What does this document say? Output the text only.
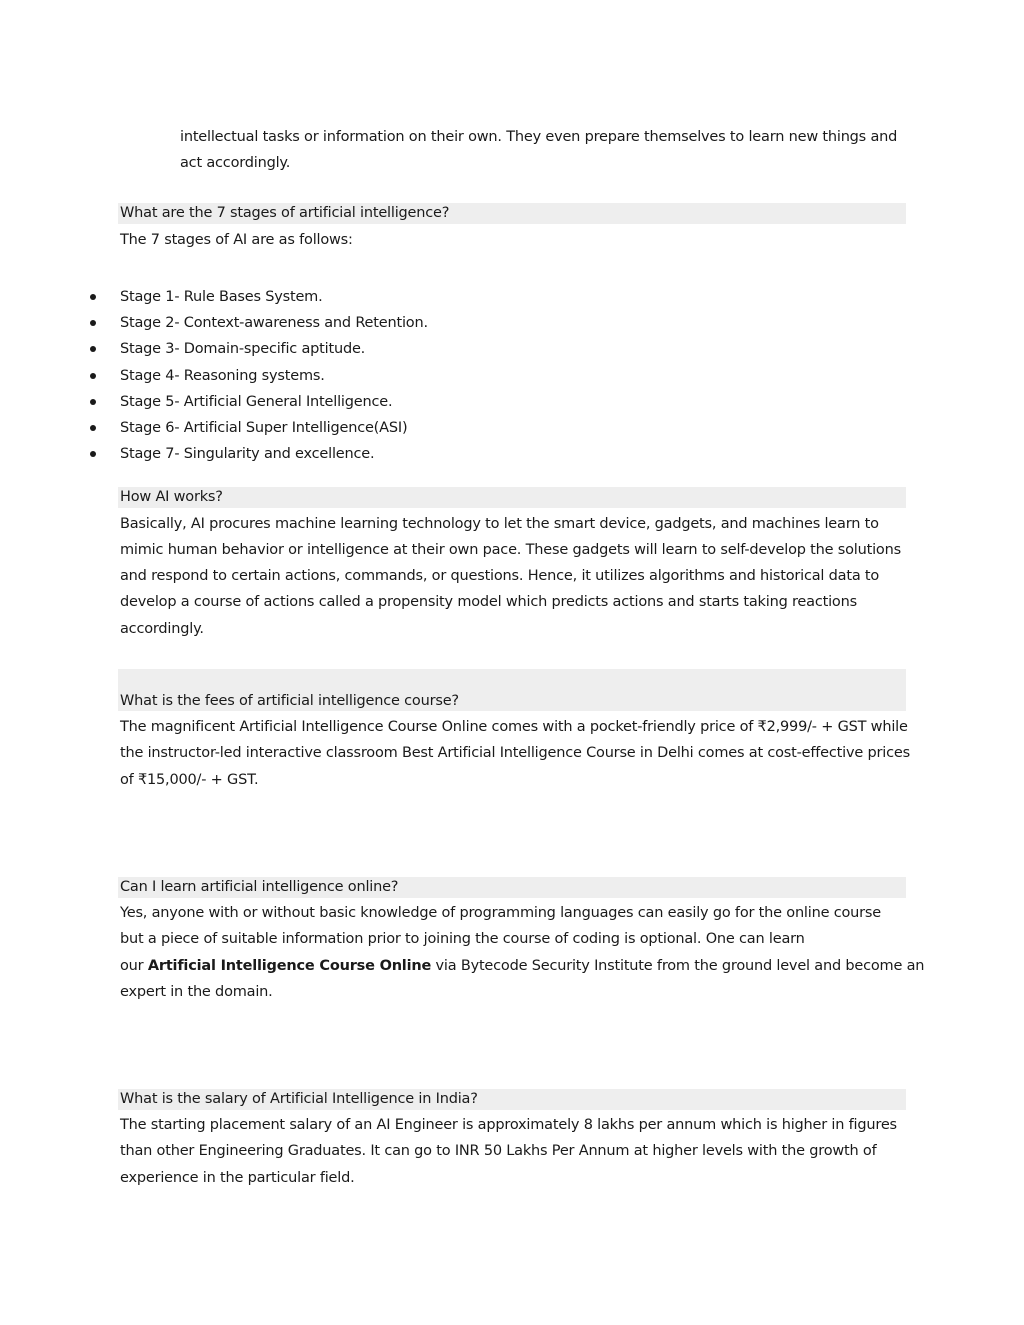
intellectual tasks or information on their own. They even prepare themselves to learn new things and
act accordingly.
What are the 7 stages of artificial intelligence?
The 7 stages of AI are as follows:
Stage 1- Rule Bases System.
Stage 2- Context-awareness and Retention.
Stage 3- Domain-specific aptitude.
Stage 4- Reasoning systems.
Stage 5- Artificial General Intelligence.
Stage 6- Artificial Super Intelligence(ASI)
Stage 7- Singularity and excellence.
How AI works?
Basically, AI procures machine learning technology to let the smart device, gadgets, and machines learn to
mimic human behavior or intelligence at their own pace. These gadgets will learn to self-develop the solutions
and respond to certain actions, commands, or questions. Hence, it utilizes algorithms and historical data to
develop a course of actions called a propensity model which predicts actions and starts taking reactions
accordingly.
What is the fees of artificial intelligence course?
The magnificent Artificial Intelligence Course Online comes with a pocket-friendly price of ₹2,999/- + GST while
the instructor-led interactive classroom Best Artificial Intelligence Course in Delhi comes at cost-effective prices
of ₹15,000/- + GST.
Can I learn artificial intelligence online?
Yes, anyone with or without basic knowledge of programming languages can easily go for the online course
but a piece of suitable information prior to joining the course of coding is optional. One can learn
our Artificial Intelligence Course Online via Bytecode Security Institute from the ground level and become an
expert in the domain.
What is the salary of Artificial Intelligence in India?
The starting placement salary of an AI Engineer is approximately 8 lakhs per annum which is higher in figures
than other Engineering Graduates. It can go to INR 50 Lakhs Per Annum at higher levels with the growth of
experience in the particular field.
